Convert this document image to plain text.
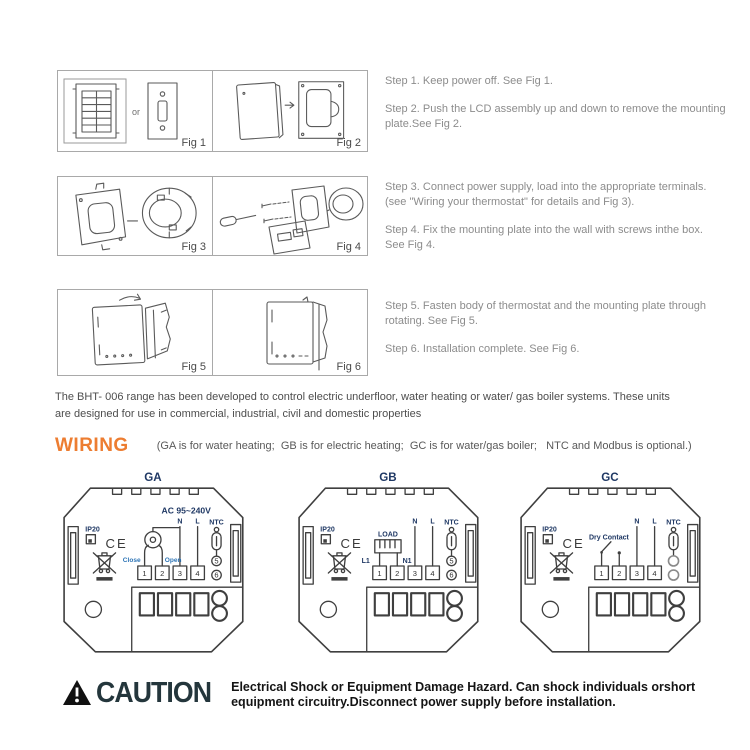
or
Fig 1	Fig 2
Step 1. Keep power off. See Fig 1.
Step 2. Push the LCD assembly up and down to remove the mounting
plate.See Fig 2.
Fig 3	Fig 4
Step 3. Connect power supply, load into the appropriate terminals.
(see "Wiring your thermostat" for details and Fig 3).
Step 4. Fix the mounting plate into the wall with screws inthe box.
See Fig 4.
Fig 5	Fig 6
Step 5. Fasten body of thermostat and the mounting plate through
rotating. See Fig 5.
Step 6. Installation complete. See Fig 6.
The BHT- 006 range has been developed to control electric underfloor, water heating or water/ gas boiler systems. These units
are designed for use in commercial, industrial, civil and domestic properties
WIRING	(GA is for water heating;  GB is for electric heating;  GC is for water/gas boiler;   NTC and Modbus is optional.)
GA
IP20
CE
1 2 3 4
N L
AC 95~240V
Close	Open
NTC
5
6
GB
IP20
CE
1 2 3 4
N L
LOAD
L1	N1
NTC
5
6
GC
IP20
CE
1 2 3 4
N L
Dry Contact
NTC
CAUTION Electrical Shock or Equipment Damage Hazard. Can shock individuals orshort
equipment circuitry.Disconnect power supply before installation.
